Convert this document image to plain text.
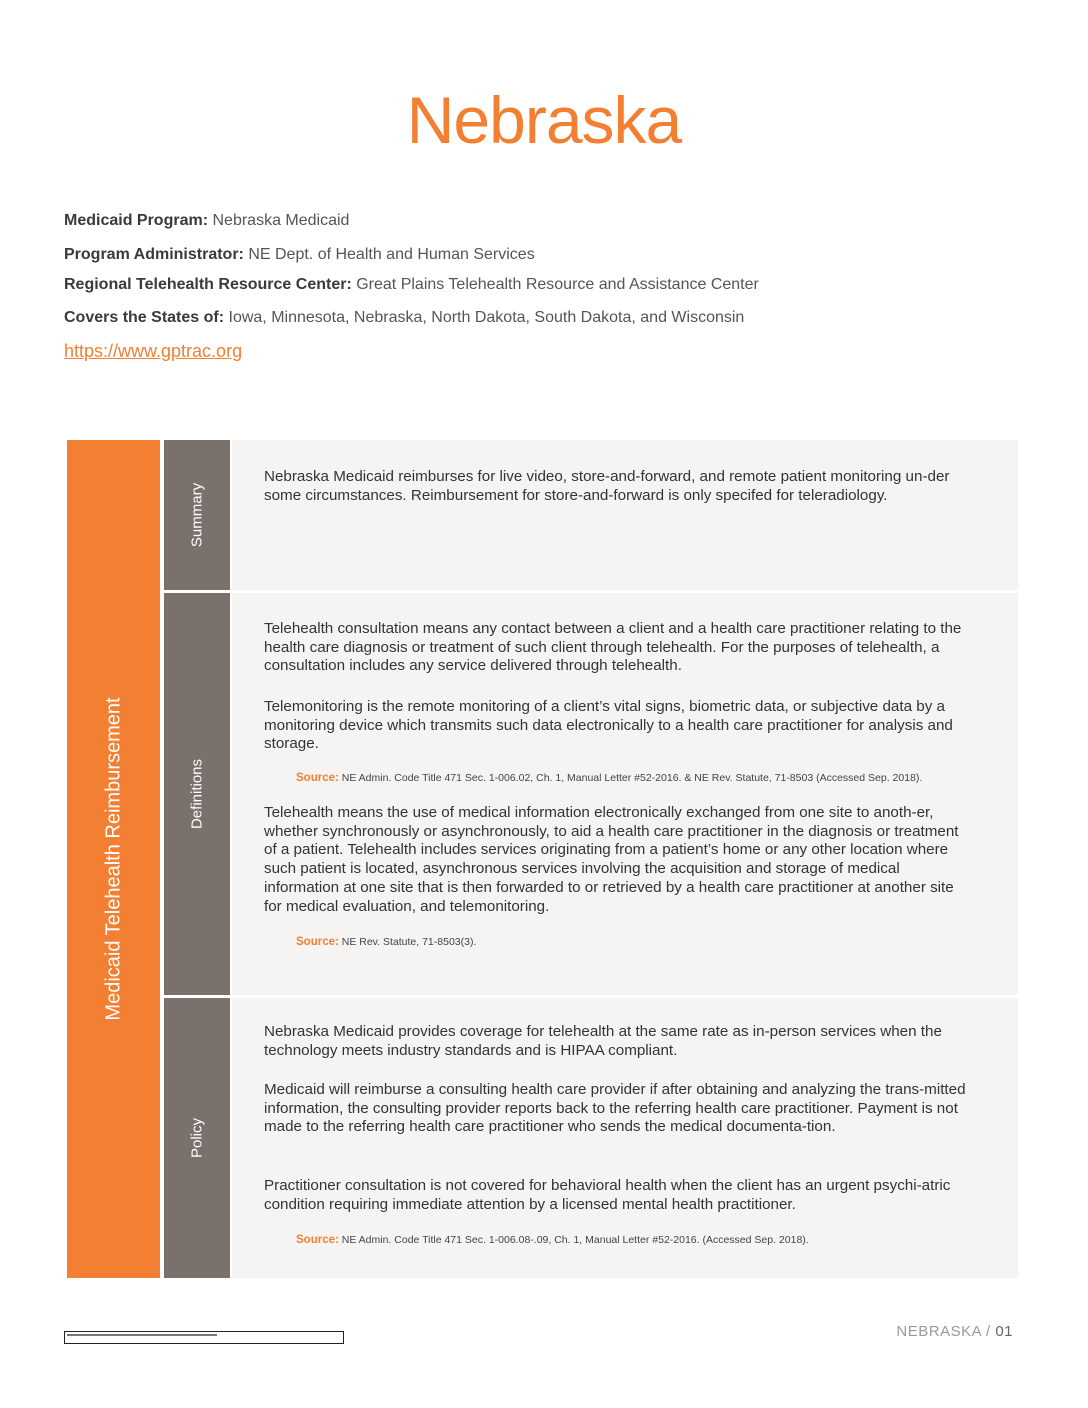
Nebraska
Medicaid Program: Nebraska Medicaid
Program Administrator: NE Dept. of Health and Human Services
Regional Telehealth Resource Center: Great Plains Telehealth Resource and Assistance Center
Covers the States of: Iowa, Minnesota, Nebraska, North Dakota, South Dakota, and Wisconsin
https://www.gptrac.org
Medicaid Telehealth Reimbursement
Summary
Nebraska Medicaid reimburses for live video, store-and-forward, and remote patient monitoring un-der some circumstances. Reimbursement for store-and-forward is only specifed for teleradiology.
Definitions
Telehealth consultation means any contact between a client and a health care practitioner relating to the health care diagnosis or treatment of such client through telehealth. For the purposes of telehealth, a consultation includes any service delivered through telehealth.
Telemonitoring is the remote monitoring of a client’s vital signs, biometric data, or subjective data by a monitoring device which transmits such data electronically to a health care practitioner for analysis and storage.
Source: NE Admin. Code Title 471 Sec. 1-006.02, Ch. 1, Manual Letter #52-2016. & NE Rev. Statute, 71-8503 (Accessed Sep. 2018).
Telehealth means the use of medical information electronically exchanged from one site to anoth-er, whether synchronously or asynchronously, to aid a health care practitioner in the diagnosis or treatment of a patient. Telehealth includes services originating from a patient’s home or any other location where such patient is located, asynchronous services involving the acquisition and storage of medical information at one site that is then forwarded to or retrieved by a health care practitioner at another site for medical evaluation, and telemonitoring.
Source: NE Rev. Statute, 71-8503(3).
Policy
Nebraska Medicaid provides coverage for telehealth at the same rate as in-person services when the technology meets industry standards and is HIPAA compliant.
Medicaid will reimburse a consulting health care provider if after obtaining and analyzing the trans-mitted information, the consulting provider reports back to the referring health care practitioner. Payment is not made to the referring health care practitioner who sends the medical documenta-tion.
Practitioner consultation is not covered for behavioral health when the client has an urgent psychi-atric condition requiring immediate attention by a licensed mental health practitioner.
Source: NE Admin. Code Title 471 Sec. 1-006.08-.09, Ch. 1, Manual Letter #52-2016. (Accessed Sep. 2018).
NEBRASKA / 01
